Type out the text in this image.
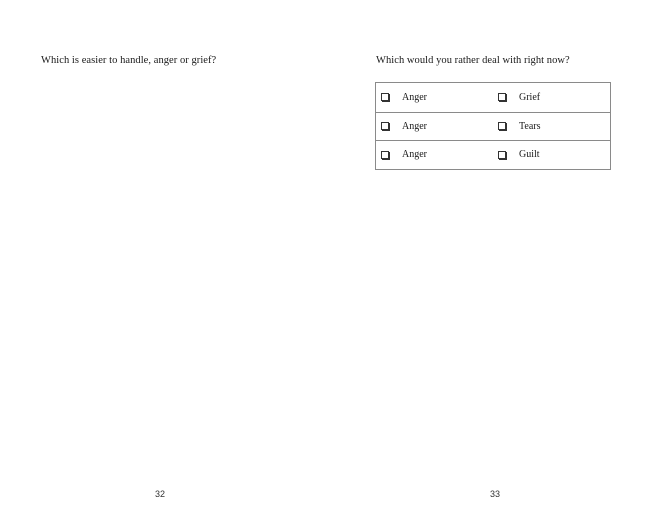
Which is easier to handle, anger or grief?
32
Which would you rather deal with right now?
Anger	Grief
Anger	Tears
Anger	Guilt
33
